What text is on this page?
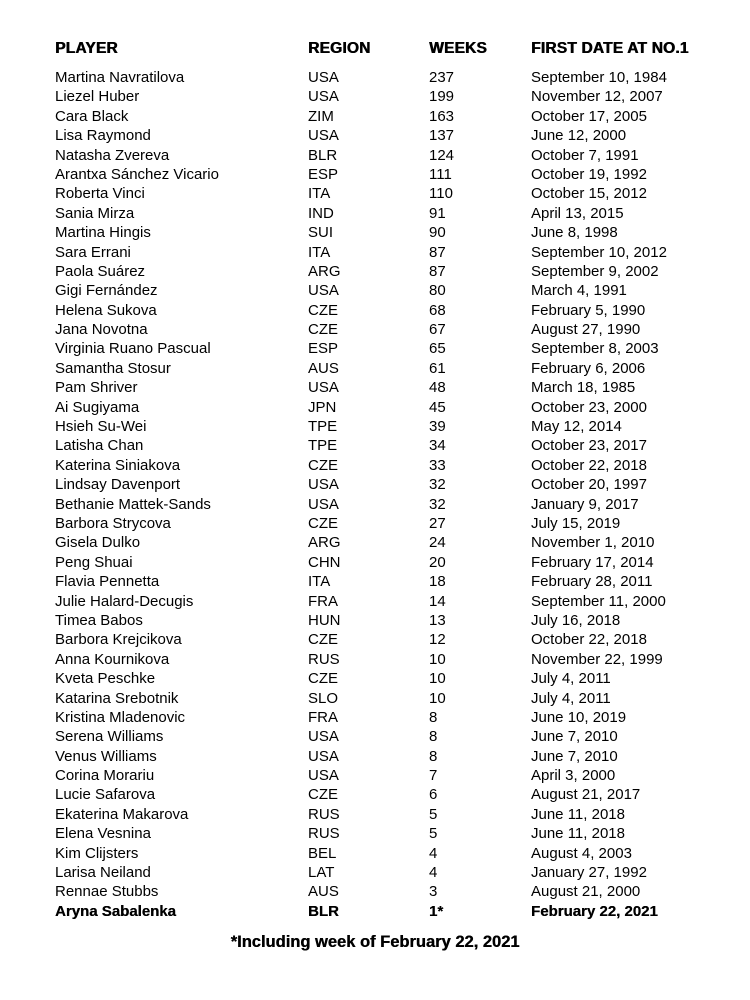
PLAYER	REGION	WEEKS	FIRST DATE AT NO.1
Martina Navratilova	USA	237	September 10, 1984
Liezel Huber	USA	199	November 12, 2007
Cara Black	ZIM	163	October 17, 2005
Lisa Raymond	USA	137	June 12, 2000
Natasha Zvereva	BLR	124	October 7, 1991
Arantxa Sánchez Vicario	ESP	111	October 19, 1992
Roberta Vinci	ITA	110	October 15, 2012
Sania Mirza	IND	91	April 13, 2015
Martina Hingis	SUI	90	June 8, 1998
Sara Errani	ITA	87	September 10, 2012
Paola Suárez	ARG	87	September 9, 2002
Gigi Fernández	USA	80	March 4, 1991
Helena Sukova	CZE	68	February 5, 1990
Jana Novotna	CZE	67	August 27, 1990
Virginia Ruano Pascual	ESP	65	September 8, 2003
Samantha Stosur	AUS	61	February 6, 2006
Pam Shriver	USA	48	March 18, 1985
Ai Sugiyama	JPN	45	October 23, 2000
Hsieh Su-Wei	TPE	39	May 12, 2014
Latisha Chan	TPE	34	October 23, 2017
Katerina Siniakova	CZE	33	October 22, 2018
Lindsay Davenport	USA	32	October 20, 1997
Bethanie Mattek-Sands	USA	32	January 9, 2017
Barbora Strycova	CZE	27	July 15, 2019
Gisela Dulko	ARG	24	November 1, 2010
Peng Shuai	CHN	20	February 17, 2014
Flavia Pennetta	ITA	18	February 28, 2011
Julie Halard-Decugis	FRA	14	September 11, 2000
Timea Babos	HUN	13	July 16, 2018
Barbora Krejcikova	CZE	12	October 22, 2018
Anna Kournikova	RUS	10	November 22, 1999
Kveta Peschke	CZE	10	July 4, 2011
Katarina Srebotnik	SLO	10	July 4, 2011
Kristina Mladenovic	FRA	8	June 10, 2019
Serena Williams	USA	8	June 7, 2010
Venus Williams	USA	8	June 7, 2010
Corina Morariu	USA	7	April 3, 2000
Lucie Safarova	CZE	6	August 21, 2017
Ekaterina Makarova	RUS	5	June 11, 2018
Elena Vesnina	RUS	5	June 11, 2018
Kim Clijsters	BEL	4	August 4, 2003
Larisa Neiland	LAT	4	January 27, 1992
Rennae Stubbs	AUS	3	August 21, 2000
Aryna Sabalenka	BLR	1*	February 22, 2021
*Including week of February 22, 2021
